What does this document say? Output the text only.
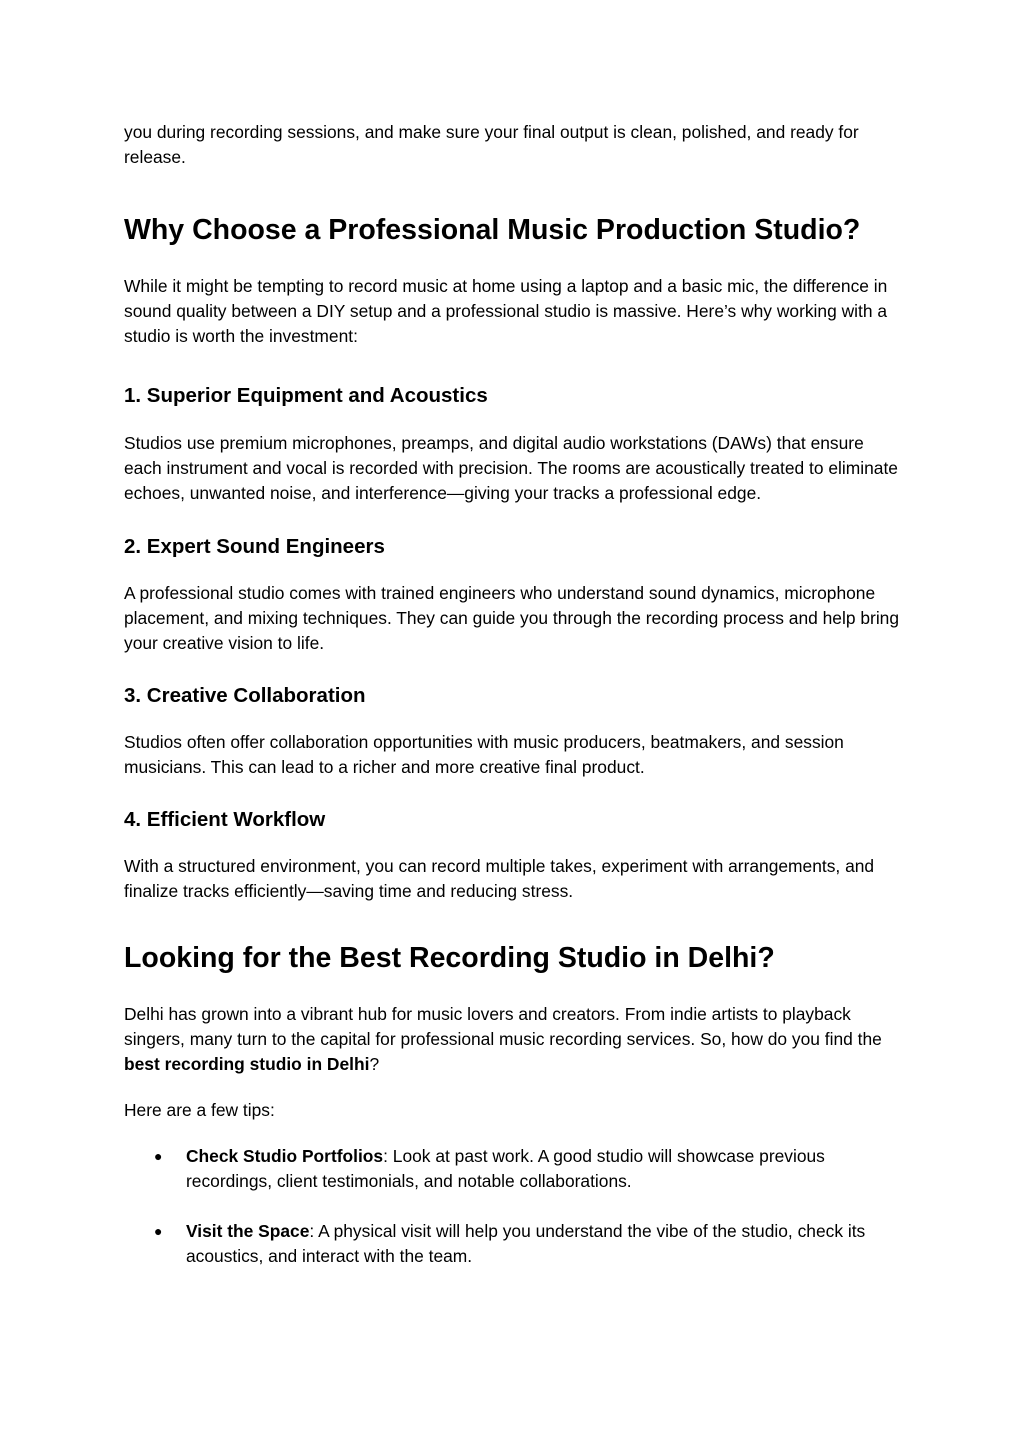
you during recording sessions, and make sure your final output is clean, polished, and ready for release.

Why Choose a Professional Music Production Studio?

While it might be tempting to record music at home using a laptop and a basic mic, the difference in sound quality between a DIY setup and a professional studio is massive. Here’s why working with a studio is worth the investment:

1. Superior Equipment and Acoustics

Studios use premium microphones, preamps, and digital audio workstations (DAWs) that ensure each instrument and vocal is recorded with precision. The rooms are acoustically treated to eliminate echoes, unwanted noise, and interference—giving your tracks a professional edge.

2. Expert Sound Engineers

A professional studio comes with trained engineers who understand sound dynamics, microphone placement, and mixing techniques. They can guide you through the recording process and help bring your creative vision to life.

3. Creative Collaboration

Studios often offer collaboration opportunities with music producers, beatmakers, and session musicians. This can lead to a richer and more creative final product.

4. Efficient Workflow

With a structured environment, you can record multiple takes, experiment with arrangements, and finalize tracks efficiently—saving time and reducing stress.

Looking for the Best Recording Studio in Delhi?

Delhi has grown into a vibrant hub for music lovers and creators. From indie artists to playback singers, many turn to the capital for professional music recording services. So, how do you find the best recording studio in Delhi?

Here are a few tips:

● Check Studio Portfolios: Look at past work. A good studio will showcase previous recordings, client testimonials, and notable collaborations.
● Visit the Space: A physical visit will help you understand the vibe of the studio, check its acoustics, and interact with the team.
